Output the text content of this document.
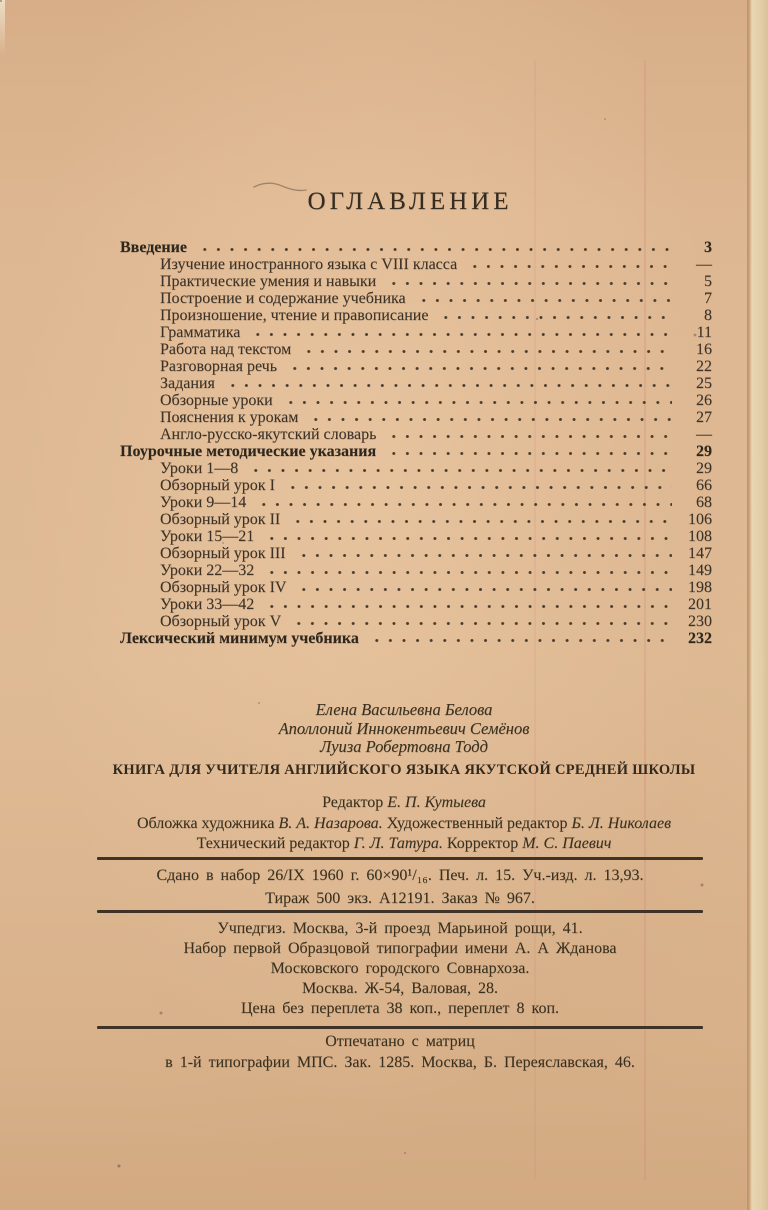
ОГЛАВЛЕНИЕ
Введение	3
Изучение иностранного языка с VIII класса	—
Практические умения и навыки	5
Построение и содержание учебника	7
Произношение, чтение и правописание	8
Грамматика	11
Работа над текстом	16
Разговорная речь	22
Задания	25
Обзорные уроки	26
Пояснения к урокам	27
Англо-русско-якутский словарь	—
Поурочные методические указания	29
Уроки 1—8	29
Обзорный урок I	66
Уроки 9—14	68
Обзорный урок II	106
Уроки 15—21	108
Обзорный урок III	147
Уроки 22—32	149
Обзорный урок IV	198
Уроки 33—42	201
Обзорный урок V	230
Лексический минимум учебника	232
Елена Васильевна Белова
Аполлоний Иннокентьевич Семёнов
Луиза Робертовна Тодд
КНИГА ДЛЯ УЧИТЕЛЯ АНГЛИЙСКОГО ЯЗЫКА ЯКУТСКОЙ СРЕДНЕЙ ШКОЛЫ
Редактор Е. П. Кутыева
Обложка художника В. А. Назарова. Художественный редактор Б. Л. Николаев
Технический редактор Г. Л. Татура. Корректор М. С. Паевич
Сдано в набор 26/IX 1960 г. 60×90¹/₁₆. Печ. л. 15. Уч.-изд. л. 13,93.
Тираж 500 экз. А12191. Заказ № 967.
Учпедгиз. Москва, 3-й проезд Марьиной рощи, 41.
Набор первой Образцовой типографии имени А. А Жданова
Московского городского Совнархоза.
Москва. Ж-54, Валовая, 28.
Цена без переплета 38 коп., переплет 8 коп.
Отпечатано с матриц
в 1-й типографии МПС. Зак. 1285. Москва, Б. Переяславская, 46.
